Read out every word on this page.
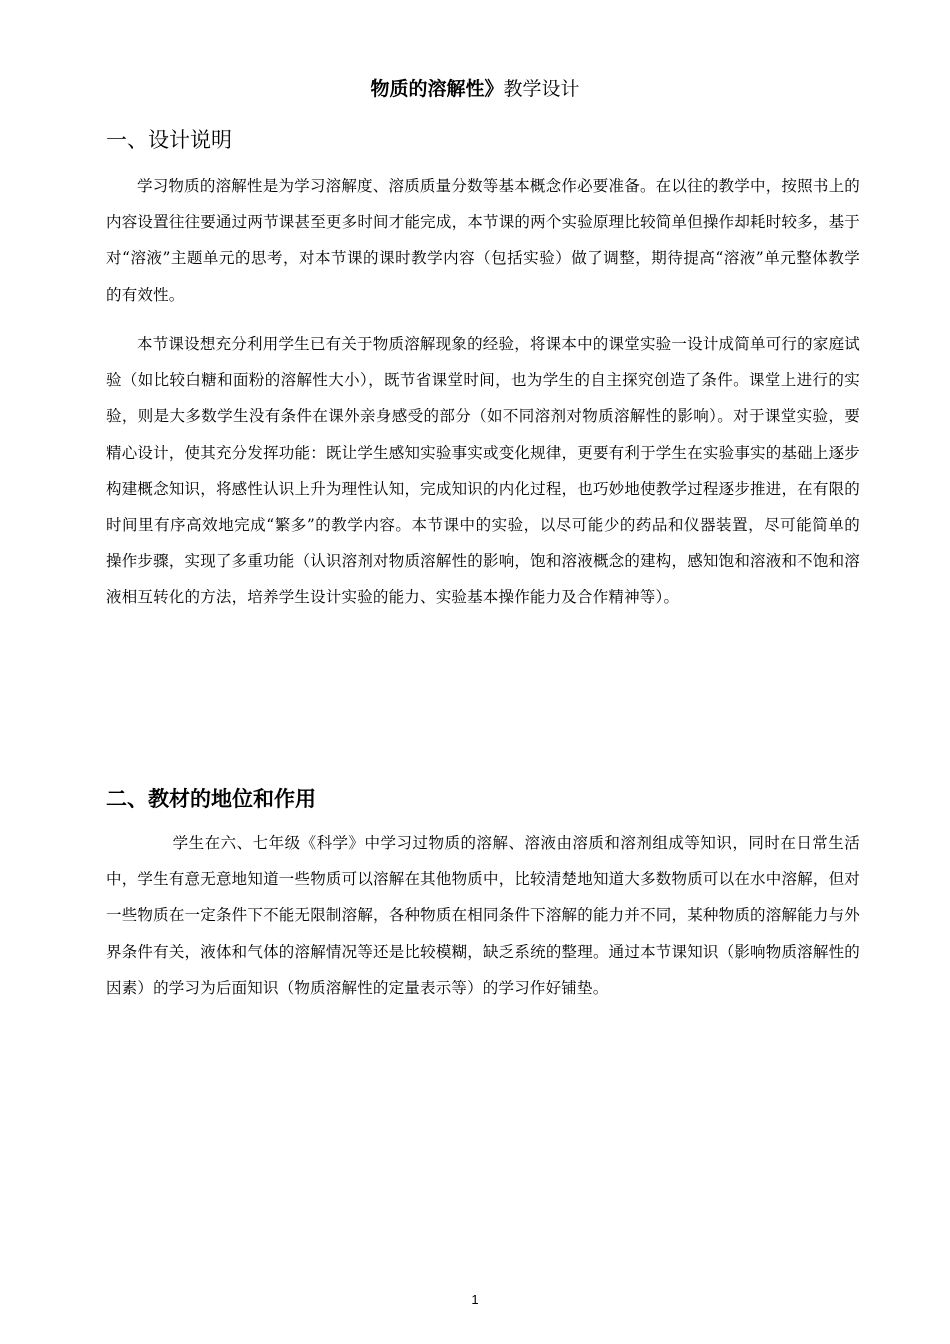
物质的溶解性》教学设计
一、设计说明

学习物质的溶解性是为学习溶解度、溶质质量分数等基本概念作必要准备。在以往的教学中，按照书上的内容设置往往要通过两节课甚至更多时间才能完成，本节课的两个实验原理比较简单但操作却耗时较多，基于对“溶液”主题单元的思考，对本节课的课时教学内容（包括实验）做了调整，期待提高“溶液”单元整体教学的有效性。

本节课设想充分利用学生已有关于物质溶解现象的经验，将课本中的课堂实验一设计成简单可行的家庭试验（如比较白糖和面粉的溶解性大小），既节省课堂时间，也为学生的自主探究创造了条件。课堂上进行的实验，则是大多数学生没有条件在课外亲身感受的部分（如不同溶剂对物质溶解性的影响）。对于课堂实验，要精心设计，使其充分发挥功能：既让学生感知实验事实或变化规律，更要有利于学生在实验事实的基础上逐步构建概念知识，将感性认识上升为理性认知，完成知识的内化过程，也巧妙地使教学过程逐步推进，在有限的时间里有序高效地完成“繁多”的教学内容。本节课中的实验，以尽可能少的药品和仪器装置，尽可能简单的操作步骤，实现了多重功能（认识溶剂对物质溶解性的影响，饱和溶液概念的建构，感知饱和溶液和不饱和溶液相互转化的方法，培养学生设计实验的能力、实验基本操作能力及合作精神等）。

二、教材的地位和作用

学生在六、七年级《科学》中学习过物质的溶解、溶液由溶质和溶剂组成等知识，同时在日常生活中，学生有意无意地知道一些物质可以溶解在其他物质中，比较清楚地知道大多数物质可以在水中溶解，但对一些物质在一定条件下不能无限制溶解，各种物质在相同条件下溶解的能力并不同，某种物质的溶解能力与外界条件有关，液体和气体的溶解情况等还是比较模糊，缺乏系统的整理。通过本节课知识（影响物质溶解性的因素）的学习为后面知识（物质溶解性的定量表示等）的学习作好铺垫。

1
